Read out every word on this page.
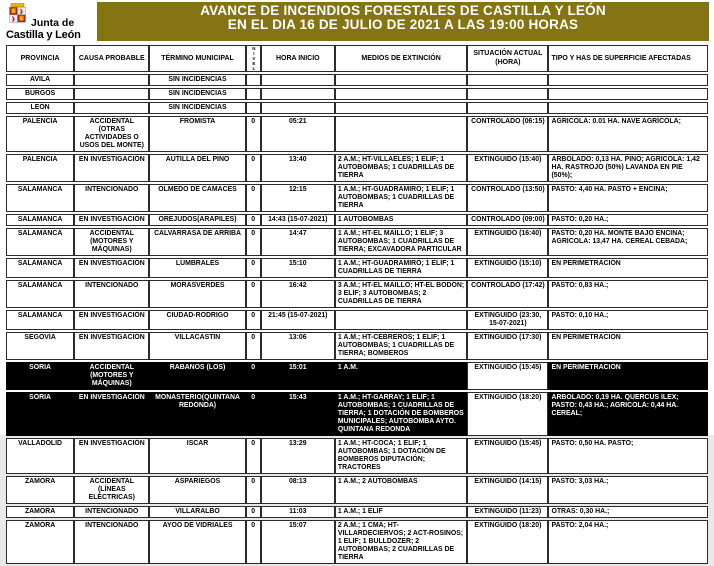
Junta de
Castilla y León
AVANCE DE INCENDIOS FORESTALES DE CASTILLA Y LEÓN
EN EL DIA 16 DE JULIO DE 2021 A LAS 19:00 HORAS
PROVINCIA	CAUSA PROBABLE	TÉRMINO MUNICIPAL	NIVEL	HORA INICIO	MEDIOS DE EXTINCIÓN	SITUACIÓN ACTUAL (HORA)	TIPO Y HAS DE SUPERFICIE AFECTADAS
AVILA		SIN INCIDENCIAS					
BURGOS		SIN INCIDENCIAS					
LEÓN		SIN INCIDENCIAS					
PALENCIA	ACCIDENTAL (OTRAS ACTIVIDADES O USOS DEL MONTE)	FROMISTA	0	05:21		CONTROLADO (06:15)	AGRICOLA: 0.01 HA. NAVE AGRÍCOLA;
PALENCIA	EN INVESTIGACIÓN	AUTILLA DEL PINO	0	13:40	2 A.M.; HT-VILLAELES; 1 ELIF; 1 AUTOBOMBAS; 1 CUADRILLAS DE TIERRA	EXTINGUIDO (15:40)	ARBOLADO: 0,13 HA. PINO; AGRICOLA: 1,42 HA. RASTROJO (50%) LAVANDA EN PIE (50%);
SALAMANCA	INTENCIONADO	OLMEDO DE CAMACES	0	12:15	1 A.M.; HT-GUADRAMIRO; 1 ELIF; 1 AUTOBOMBAS; 1 CUADRILLAS DE TIERRA	CONTROLADO (13:50)	PASTO: 4,40 HA. PASTO + ENCINA;
SALAMANCA	EN INVESTIGACIÓN	OREJUDOS(ARAPILES)	0	14:43 (15-07-2021)	1 AUTOBOMBAS	CONTROLADO (09:00)	PASTO: 0,20 HA.;
SALAMANCA	ACCIDENTAL (MOTORES Y MÁQUINAS)	CALVARRASA DE ARRIBA	0	14:47	1 A.M.; HT-EL MAILLO; 1 ELIF; 3 AUTOBOMBAS; 1 CUADRILLAS DE TIERRA; EXCAVADORA PARTICULAR	EXTINGUIDO (16:40)	PASTO: 0,20 HA. MONTE BAJO ENCINA; AGRICOLA: 13,47 HA. CEREAL CEBADA;
SALAMANCA	EN INVESTIGACIÓN	LUMBRALES	0	15:10	1 A.M.; HT-GUADRAMIRO; 1 ELIF; 1 CUADRILLAS DE TIERRA	EXTINGUIDO (15:10)	EN PERIMETRACIÓN
SALAMANCA	INTENCIONADO	MORASVERDES	0	16:42	3 A.M.; HT-EL MAILLO; HT-EL BODÓN; 3 ELIF; 3 AUTOBOMBAS; 2 CUADRILLAS DE TIERRA	CONTROLADO (17:42)	PASTO: 0,83 HA.;
SALAMANCA	EN INVESTIGACIÓN	CIUDAD-RODRIGO	0	21:45 (15-07-2021)		EXTINGUIDO (23:30, 15-07-2021)	PASTO: 0,10 HA.;
SEGOVIA	EN INVESTIGACIÓN	VILLACASTIN	0	13:06	1 A.M.; HT-CEBREROS; 1 ELIF; 1 AUTOBOMBAS; 1 CUADRILLAS DE TIERRA; BOMBEROS	EXTINGUIDO (17:30)	EN PERIMETRACIÓN
SORIA	ACCIDENTAL (MOTORES Y MÁQUINAS)	RABANOS (LOS)	0	15:01	1 A.M.	EXTINGUIDO (15:45)	EN PERIMETRACIÓN
SORIA	EN INVESTIGACIÓN	MONASTERIO(QUINTANA REDONDA)	0	15:43	1 A.M.; HT-GARRAY; 1 ELIF; 1 AUTOBOMBAS; 1 CUADRILLAS DE TIERRA; 1 DOTACIÓN DE BOMBEROS MUNICIPALES; AUTOBOMBA AYTO. QUINTANA REDONDA	EXTINGUIDO (18:20)	ARBOLADO: 0,19 HA. QUERCUS ILEX; PASTO: 0,43 HA.; AGRICOLA: 0,44 HA. CEREAL;
VALLADOLID	EN INVESTIGACIÓN	ISCAR	0	13:29	1 A.M.; HT-COCA; 1 ELIF; 1 AUTOBOMBAS; 1 DOTACIÓN DE BOMBEROS DIPUTACIÓN; TRACTORES	EXTINGUIDO (15:45)	PASTO: 0,50 HA. PASTO;
ZAMORA	ACCIDENTAL (LÍNEAS ELÉCTRICAS)	ASPARIEGOS	0	08:13	1 A.M.; 2 AUTOBOMBAS	EXTINGUIDO (14:15)	PASTO: 3,03 HA.;
ZAMORA	INTENCIONADO	VILLARALBO	0	11:03	1 A.M.; 1 ELIF	EXTINGUIDO (11:23)	OTRAS: 0,30 HA.;
ZAMORA	INTENCIONADO	AYOO DE VIDRIALES	0	15:07	2 A.M.; 1 CMA; HT-VILLARDECIERVOS; 2 ACT-ROSINOS; 1 ELIF; 1 BULLDOZER; 2 AUTOBOMBAS; 2 CUADRILLAS DE TIERRA	EXTINGUIDO (18:20)	PASTO: 2,04 HA.;
